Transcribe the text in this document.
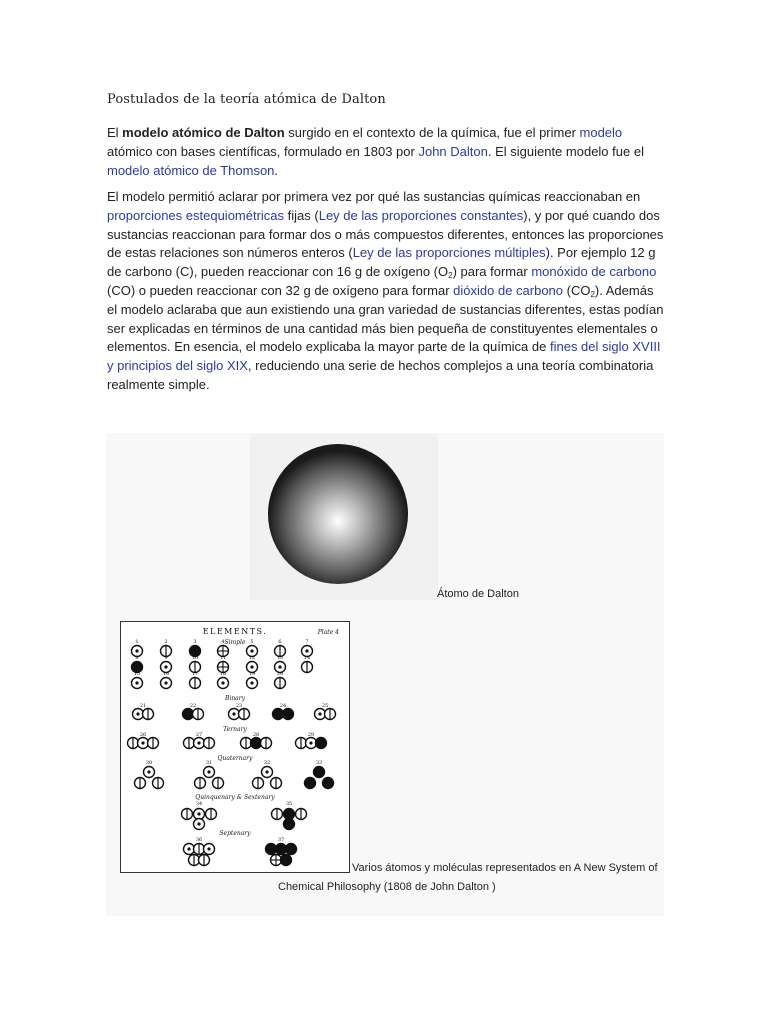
Postulados de la teoría atómica de Dalton
El modelo atómico de Dalton surgido en el contexto de la química, fue el primer modelo atómico con bases científicas, formulado en 1803 por John Dalton. El siguiente modelo fue el modelo atómico de Thomson.
El modelo permitió aclarar por primera vez por qué las sustancias químicas reaccionaban en proporciones estequiométricas fijas (Ley de las proporciones constantes), y por qué cuando dos sustancias reaccionan para formar dos o más compuestos diferentes, entonces las proporciones de estas relaciones son números enteros (Ley de las proporciones múltiples). Por ejemplo 12 g de carbono (C), pueden reaccionar con 16 g de oxígeno $(O_2)$ para formar monóxido de carbono (CO) o pueden reaccionar con 32 g de oxígeno para formar dióxido de carbono $(CO_2)$. Además el modelo aclaraba que aun existiendo una gran variedad de sustancias diferentes, estas podían ser explicadas en términos de una cantidad más bien pequeña de constituyentes elementales o elementos. En esencia, el modelo explicaba la mayor parte de la química de fines del siglo XVIII y principios del siglo XIX, reduciendo una serie de hechos complejos a una teoría combinatoria realmente simple.
Átomo de Dalton
ELEMENTS.	Plate 4
Simple
1	2	3	4	5	6	7
8	9	10	11	12	13	14
15	16	17	18	19	20
Binary
21	22	23	24	25
Ternary
26	27	28	29
Quaternary
30	31	32	33
Quinquenary & Sextenary
34	35
Septenary
36	37
Varios átomos y moléculas representados en A New System of
Chemical Philosophy (1808 de John Dalton )
